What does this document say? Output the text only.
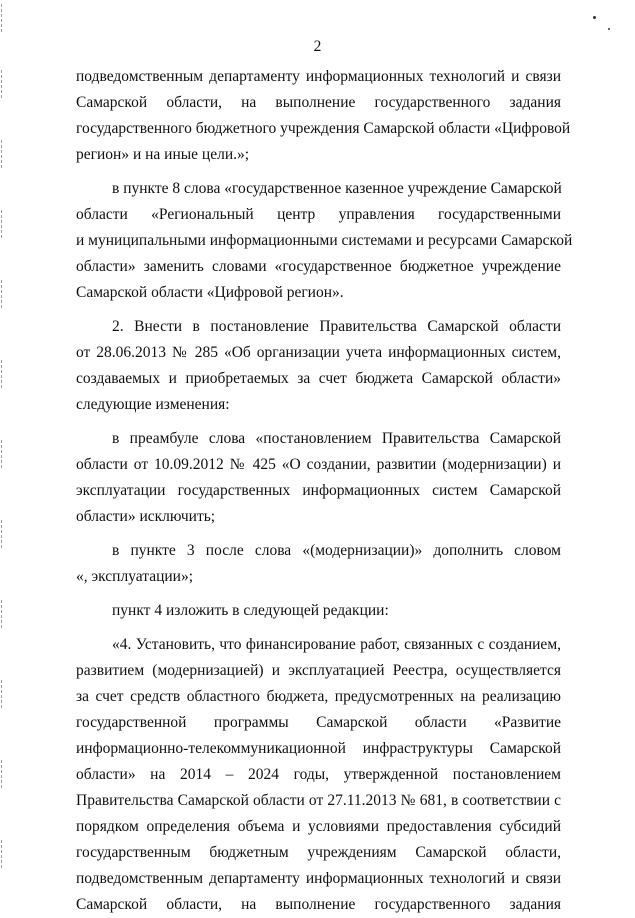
2
подведомственным департаменту информационных технологий и связи
Самарской области, на выполнение государственного задания
государственного бюджетного учреждения Самарской области «Цифровой
регион» и на иные цели.»;
в пункте 8 слова «государственное казенное учреждение Самарской
области «Региональный центр управления государственными
и муниципальными информационными системами и ресурсами Самарской
области» заменить словами «государственное бюджетное учреждение
Самарской области «Цифровой регион».
2. Внести в постановление Правительства Самарской области
от 28.06.2013 № 285 «Об организации учета информационных систем,
создаваемых и приобретаемых за счет бюджета Самарской области»
следующие изменения:
в преамбуле слова «постановлением Правительства Самарской
области от 10.09.2012 № 425 «О создании, развитии (модернизации) и
эксплуатации государственных информационных систем Самарской
области» исключить;
в пункте 3 после слова «(модернизации)» дополнить словом
«, эксплуатации»;
пункт 4 изложить в следующей редакции:
«4. Установить, что финансирование работ, связанных с созданием,
развитием (модернизацией) и эксплуатацией Реестра, осуществляется
за счет средств областного бюджета, предусмотренных на реализацию
государственной программы Самарской области «Развитие
информационно-телекоммуникационной инфраструктуры Самарской
области» на 2014 – 2024 годы, утвержденной постановлением
Правительства Самарской области от 27.11.2013 № 681, в соответствии с
порядком определения объема и условиями предоставления субсидий
государственным бюджетным учреждениям Самарской области,
подведомственным департаменту информационных технологий и связи
Самарской области, на выполнение государственного задания
